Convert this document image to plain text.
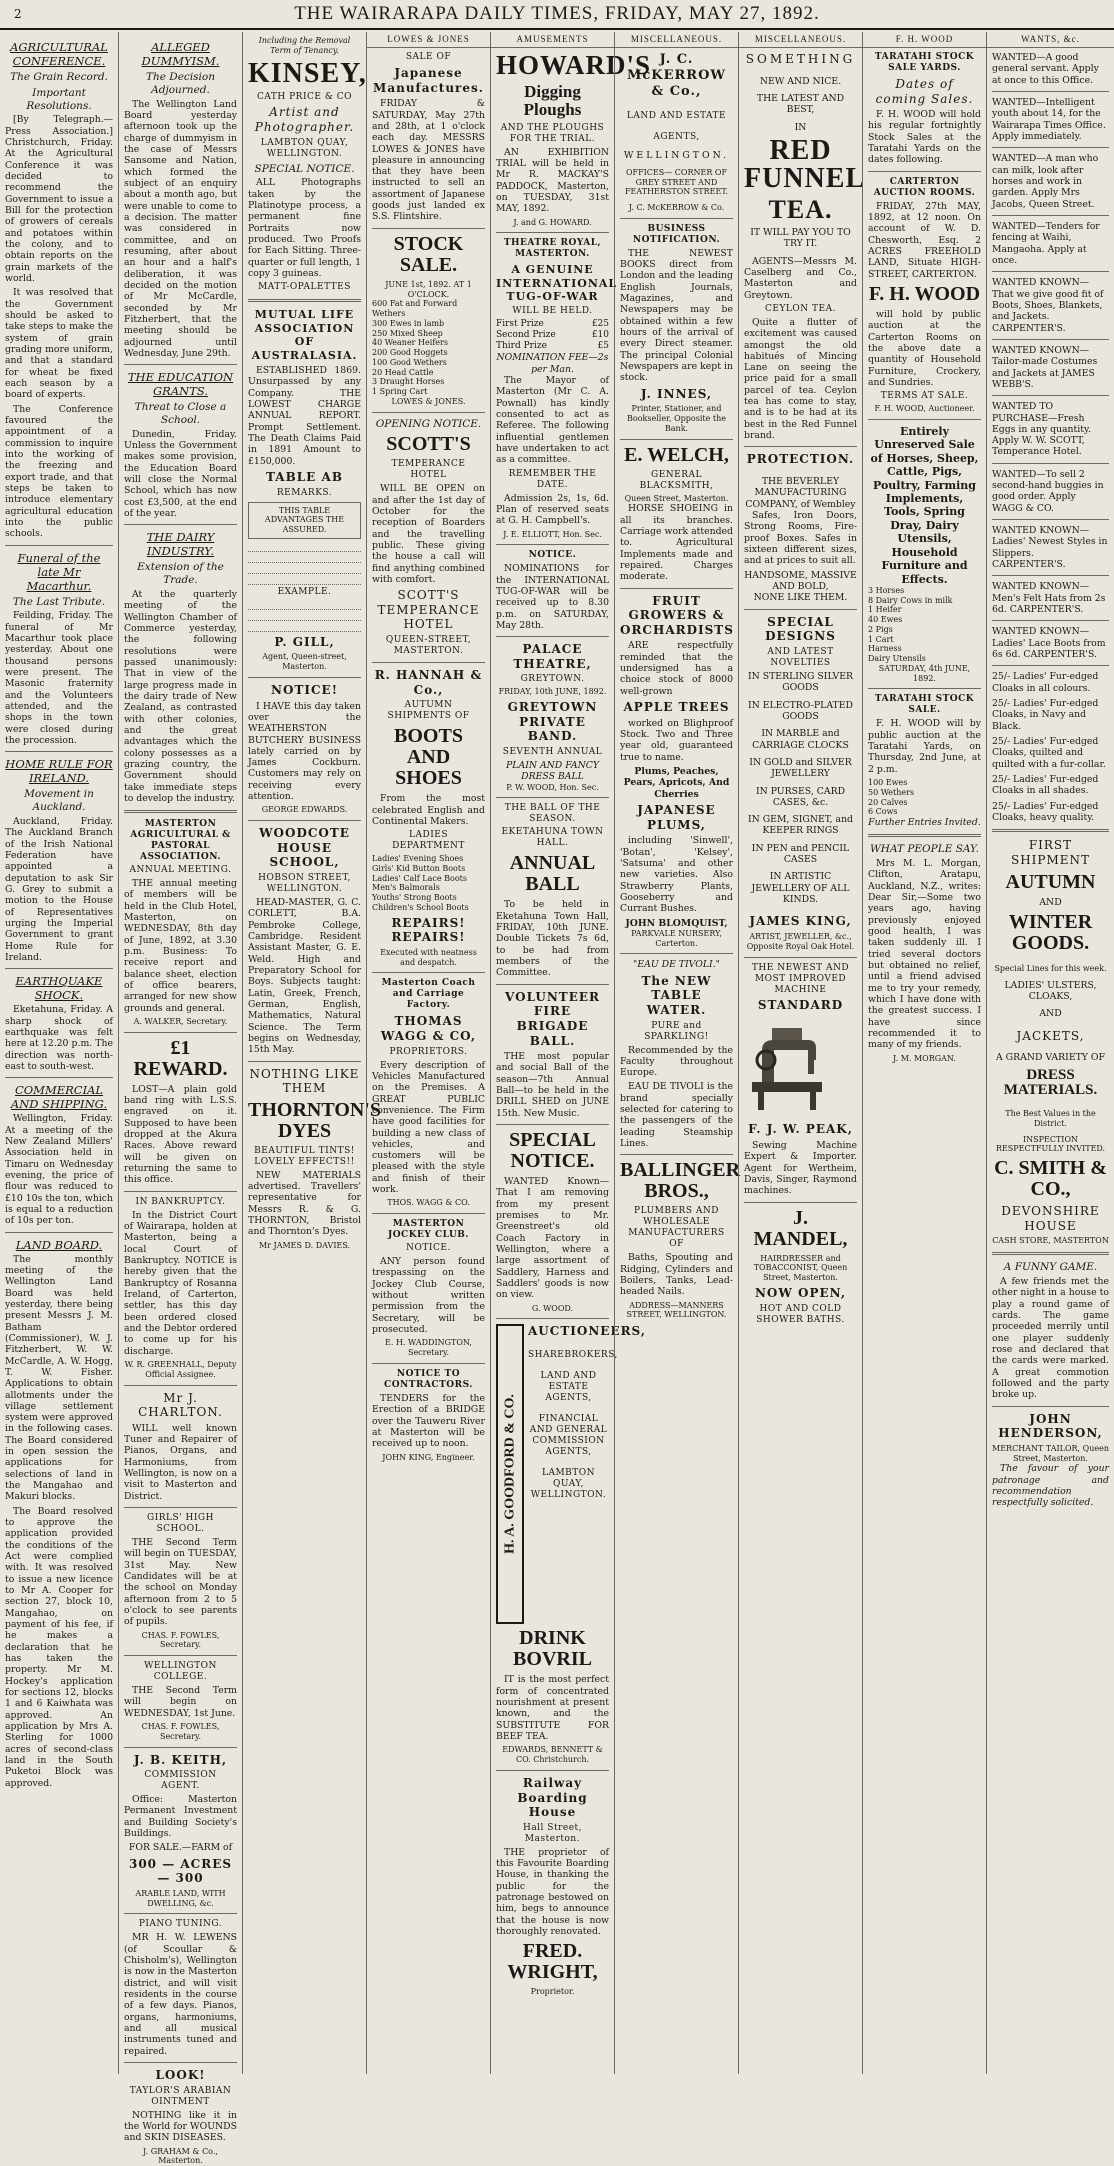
2	THE WAIRARAPA DAILY TIMES, FRIDAY, MAY 27, 1892.
AGRICULTURAL CONFERENCE.
The Grain Record.
Important Resolutions.

[By Telegraph.—Press Association.] Christchurch, Friday. At the Agricultural Conference it was decided to recommend the Government to issue a Bill for the protection of growers of cereals and potatoes within the colony, and to obtain reports on the grain markets of the world.

It was resolved that the Government should be asked to take steps to make the system of grain grading more uniform, and that a standard for wheat be fixed each season by a board of experts.

The Conference favoured the appointment of a commission to inquire into the working of the freezing and export trade, and that steps be taken to introduce elementary agricultural education into the public schools.

Funeral of the late Mr Macarthur.
The Last Tribute.

Feilding, Friday. The funeral of Mr Macarthur took place yesterday. About one thousand persons were present. The Masonic fraternity and the Volunteers attended, and the shops in the town were closed during the procession.

HOME RULE FOR IRELAND.
Movement in Auckland.

Auckland, Friday. The Auckland Branch of the Irish National Federation have appointed a deputation to ask Sir G. Grey to submit a motion to the House of Representatives urging the Imperial Government to grant Home Rule for Ireland.

EARTHQUAKE SHOCK.

Eketahuna, Friday. A sharp shock of earthquake was felt here at 12.20 p.m. The direction was north-east to south-west.

COMMERCIAL AND SHIPPING.

Wellington, Friday. At a meeting of the New Zealand Millers' Association held in Timaru on Wednesday evening, the price of flour was reduced to £10 10s the ton, which is equal to a reduction of 10s per ton.

LAND BOARD.

The monthly meeting of the Wellington Land Board was held yesterday, there being present Messrs J. M. Batham (Commissioner), W. J. Fitzherbert, W. W. McCardle, A. W. Hogg, T. W. Fisher. Applications to obtain allotments under the village settlement system were approved in the following cases. The Board considered in open session the applications for selections of land in the Mangahao and Makuri blocks.

The Board resolved to approve the application provided the conditions of the Act were complied with. It was resolved to issue a new licence to Mr A. Cooper for section 27, block 10, Mangahao, on payment of his fee, if he makes a declaration that he has taken the property. Mr M. Hockey's application for sections 12, blocks 1 and 6 Kaiwhata was approved. An application by Mrs A. Sterling for 1000 acres of second-class land in the South Puketoi Block was approved.

ALLEGED DUMMYISM.
The Decision Adjourned.

The Wellington Land Board yesterday afternoon took up the charge of dummyism in the case of Messrs Sansome and Nation, which formed the subject of an enquiry about a month ago, but were unable to come to a decision. The matter was considered in committee, and on resuming, after about an hour and a half's deliberation, it was decided on the motion of Mr McCardle, seconded by Mr Fitzherbert, that the meeting should be adjourned until Wednesday, June 29th.

THE EDUCATION GRANTS.
Threat to Close a School.

Dunedin, Friday. Unless the Government makes some provision, the Education Board will close the Normal School, which has now cost £3,500, at the end of the year.

THE DAIRY INDUSTRY.
Extension of the Trade.

At the quarterly meeting of the Wellington Chamber of Commerce yesterday, the following resolutions were passed unanimously: That in view of the large progress made in the dairy trade of New Zealand, as contrasted with other colonies, and the great advantages which the colony possesses as a grazing country, the Government should take immediate steps to develop the industry.

MASTERTON AGRICULTURAL & PASTORAL ASSOCIATION.
ANNUAL MEETING.

THE annual meeting of members will be held in the Club Hotel, Masterton, on WEDNESDAY, 8th day of June, 1892, at 3.30 p.m. Business: To receive report and balance sheet, election of office bearers, arranged for new show grounds and general.

A. WALKER, Secretary.
£1 REWARD.

LOST—A plain gold band ring with L.S.S. engraved on it. Supposed to have been dropped at the Akura Races. Above reward will be given on returning the same to this office.

IN BANKRUPTCY.

In the District Court of Wairarapa, holden at Masterton, being a local Court of Bankruptcy. NOTICE is hereby given that the Bankruptcy of Rosanna Ireland, of Carterton, settler, has this day been ordered closed and the Debtor ordered to come up for his discharge.

W. R. GREENHALL, Deputy Official Assignee.
Mr J. CHARLTON.

WILL well known Tuner and Repairer of Pianos, Organs, and Harmoniums, from Wellington, is now on a visit to Masterton and District.

GIRLS' HIGH SCHOOL.

THE Second Term will begin on TUESDAY, 31st May. New Candidates will be at the school on Monday afternoon from 2 to 5 o'clock to see parents of pupils.

CHAS. F. FOWLES, Secretary.
WELLINGTON COLLEGE.

THE Second Term will begin on WEDNESDAY, 1st June.

CHAS. F. FOWLES, Secretary.
J. B. KEITH,
COMMISSION AGENT.

Office: Masterton Permanent Investment and Building Society's Buildings.

FOR SALE.—FARM of
300 — ACRES — 300
ARABLE LAND, WITH DWELLING, &c.
PIANO TUNING.

MR H. W. LEWENS (of Scoullar & Chisholm's), Wellington is now in the Masterton district, and will visit residents in the course of a few days. Pianos, organs, harmoniums, and all musical instruments tuned and repaired.

LOOK!
TAYLOR'S ARABIAN OINTMENT

NOTHING like it in the World for WOUNDS and SKIN DISEASES.

J. GRAHAM & Co., Masterton.
Including the Removal Term of Tenancy.
KINSEY,
CATH PRICE & CO
Artist and Photographer.
LAMBTON QUAY, WELLINGTON.
SPECIAL NOTICE.

ALL Photographs taken by the Platinotype process, a permanent fine Portraits now produced. Two Proofs for Each Sitting. Three-quarter or full length, 1 copy 3 guineas.

MATT-OPALETTES
MUTUAL LIFE ASSOCIATION OF AUSTRALASIA.

ESTABLISHED 1869. Unsurpassed by any Company. THE LOWEST CHARGE ANNUAL REPORT. Prompt Settlement. The Death Claims Paid in 1891 Amount to £150,000.

TABLE AB
REMARKS.
THIS TABLE ADVANTAGES THE ASSURED.
EXAMPLE.
P. GILL,
Agent, Queen-street, Masterton.
NOTICE!

I HAVE this day taken over the WEATHERSTON BUTCHERY BUSINESS lately carried on by James Cockburn. Customers may rely on receiving every attention.

GEORGE EDWARDS.
WOODCOTE HOUSE SCHOOL,
HOBSON STREET, WELLINGTON.

HEAD-MASTER, G. C. CORLETT, B.A. Pembroke College, Cambridge. Resident Assistant Master, G. E. Weld. High and Preparatory School for Boys. Subjects taught: Latin, Greek, French, German, English, Mathematics, Natural Science. The Term begins on Wednesday, 15th May.

NOTHING LIKE THEM
THORNTON'S DYES
BEAUTIFUL TINTS! LOVELY EFFECTS!!

NEW MATERIALS advertised. Travellers' representative for Messrs R. & G. THORNTON, Bristol and Thornton's Dyes.

Mr JAMES D. DAVIES.
LOWES & JONES
SALE OF
Japanese Manufactures.

FRIDAY & SATURDAY, May 27th and 28th, at 1 o'clock each day. MESSRS LOWES & JONES have pleasure in announcing that they have been instructed to sell an assortment of Japanese goods just landed ex S.S. Flintshire.

STOCK SALE.
JUNE 1st, 1892. AT 1 O'CLOCK.
600 Fat and Forward Wethers
300 Ewes in lamb
250 Mixed Sheep
40 Weaner Heifers
200 Good Hoggets
100 Good Wethers
20 Head Cattle
3 Draught Horses
1 Spring Cart
LOWES & JONES.
OPENING NOTICE.
SCOTT'S
TEMPERANCE HOTEL

WILL BE OPEN on and after the 1st day of October for the reception of Boarders and the travelling public. These giving the house a call will find anything combined with comfort.

SCOTT'S TEMPERANCE HOTEL
QUEEN-STREET, MASTERTON.
R. HANNAH & Co.,
AUTUMN SHIPMENTS OF
BOOTS AND SHOES

From the most celebrated English and Continental Makers.

LADIES DEPARTMENT
Ladies' Evening Shoes
Girls' Kid Button Boots
Ladies' Calf Lace Boots
Men's Balmorals
Youths' Strong Boots
Children's School Boots
REPAIRS! REPAIRS!
Executed with neatness and despatch.
Masterton Coach and Carriage Factory.
THOMAS WAGG & CO,
PROPRIETORS.

Every description of Vehicles Manufactured on the Premises. A GREAT PUBLIC convenience. The Firm have good facilities for building a new class of vehicles, and customers will be pleased with the style and finish of their work.

THOS. WAGG & CO.
MASTERTON JOCKEY CLUB.
NOTICE.

ANY person found trespassing on the Jockey Club Course, without written permission from the Secretary, will be prosecuted.

E. H. WADDINGTON, Secretary.
NOTICE TO CONTRACTORS.

TENDERS for the Erection of a BRIDGE over the Tauweru River at Masterton will be received up to noon.

JOHN KING, Engineer.
AMUSEMENTS
HOWARD'S
Digging Ploughs
AND THE PLOUGHS FOR THE TRIAL.

AN EXHIBITION TRIAL will be held in Mr R. MACKAY'S PADDOCK, Masterton, on TUESDAY, 31st MAY, 1892.

J. and G. HOWARD.
THEATRE ROYAL, MASTERTON.
A GENUINE INTERNATIONAL TUG-OF-WAR
WILL BE HELD.
First Prize	£25
Second Prize	£10
Third Prize	£5
NOMINATION FEE—2s per Man.

The Mayor of Masterton (Mr C. A. Pownall) has kindly consented to act as Referee. The following influential gentlemen have undertaken to act as a committee.

REMEMBER THE DATE.

Admission 2s, 1s, 6d. Plan of reserved seats at G. H. Campbell's.

J. E. ELLIOTT, Hon. Sec.
NOTICE.

NOMINATIONS for the INTERNATIONAL TUG-OF-WAR will be received up to 8.30 p.m. on SATURDAY, May 28th.

PALACE THEATRE,
GREYTOWN.
FRIDAY, 10th JUNE, 1892.
GREYTOWN PRIVATE BAND.
SEVENTH ANNUAL
PLAIN AND FANCY DRESS BALL
P. W. WOOD, Hon. Sec.
THE BALL OF THE SEASON.
EKETAHUNA TOWN HALL.
ANNUAL BALL

To be held in Eketahuna Town Hall, FRIDAY, 10th JUNE. Double Tickets 7s 6d, to be had from members of the Committee.

VOLUNTEER FIRE BRIGADE BALL.

THE most popular and social Ball of the season—7th Annual Ball—to be held in the DRILL SHED on JUNE 15th. New Music.

SPECIAL NOTICE.

WANTED Known—That I am removing from my present premises to Mr. Greenstreet's old Coach Factory in Wellington, where a large assortment of Saddlery, Harness and Saddlers' goods is now on view.

G. WOOD.
H. A. GOODFORD & CO.
AUCTIONEERS,
SHAREBROKERS,
LAND AND ESTATE AGENTS,
FINANCIAL AND GENERAL COMMISSION AGENTS,
LAMBTON QUAY, WELLINGTON.
DRINK BOVRIL

IT is the most perfect form of concentrated nourishment at present known, and the SUBSTITUTE FOR BEEF TEA.

EDWARDS, BENNETT & CO. Christchurch.
Railway Boarding House
Hall Street, Masterton.

THE proprietor of this Favourite Boarding House, in thanking the public for the patronage bestowed on him, begs to announce that the house is now thoroughly renovated.

FRED. WRIGHT,
Proprietor.
MISCELLANEOUS.
J. C. McKERROW & Co.,
LAND AND ESTATE
AGENTS,
WELLINGTON.
OFFICES— CORNER OF GREY STREET AND FEATHERSTON STREET.
J. C. McKERROW & Co.
BUSINESS NOTIFICATION.

THE NEWEST BOOKS direct from London and the leading English Journals, Magazines, and Newspapers may be obtained within a few hours of the arrival of every Direct steamer. The principal Colonial Newspapers are kept in stock.

J. INNES,
Printer, Stationer, and Bookseller, Opposite the Bank.
E. WELCH,
GENERAL BLACKSMITH,
Queen Street, Masterton.

HORSE SHOEING in all its branches. Carriage work attended to. Agricultural Implements made and repaired. Charges moderate.

FRUIT GROWERS & ORCHARDISTS

ARE respectfully reminded that the undersigned has a choice stock of 8000 well-grown

APPLE TREES

worked on Blighproof Stock. Two and Three year old, guaranteed true to name.

Plums, Peaches, Pears, Apricots, And Cherries
JAPANESE PLUMS,

including 'Sinwell', 'Botan', 'Kelsey', 'Satsuma' and other new varieties. Also Strawberry Plants, Gooseberry and Currant Bushes.

JOHN BLOMQUIST,
PARKVALE NURSERY, Carterton.
"EAU DE TIVOLI."
The NEW TABLE WATER.
PURE and SPARKLING!

Recommended by the Faculty throughout Europe.

EAU DE TIVOLI is the brand specially selected for catering to the passengers of the leading Steamship Lines.

BALLINGER BROS.,
PLUMBERS AND WHOLESALE MANUFACTURERS OF

Baths, Spouting and Ridging, Cylinders and Boilers, Tanks, Lead-headed Nails.

ADDRESS—MANNERS STREET, WELLINGTON.
MISCELLANEOUS.
SOMETHING
NEW AND NICE.
THE LATEST AND BEST,
IN
RED FUNNEL
TEA.
IT WILL PAY YOU TO TRY IT.

AGENTS—Messrs M. Caselberg and Co., Masterton and Greytown.

CEYLON TEA.

Quite a flutter of excitement was caused amongst the old habitués of Mincing Lane on seeing the price paid for a small parcel of tea. Ceylon tea has come to stay, and is to be had at its best in the Red Funnel brand.

PROTECTION.
THE BEVERLEY MANUFACTURING COMPANY, of Wembley

Safes, Iron Doors, Strong Rooms, Fire-proof Boxes. Safes in sixteen different sizes, and at prices to suit all.

HANDSOME, MASSIVE AND BOLD,
NONE LIKE THEM.
SPECIAL DESIGNS
AND LATEST NOVELTIES
IN STERLING SILVER GOODS
IN ELECTRO-PLATED GOODS
IN MARBLE and CARRIAGE CLOCKS
IN GOLD and SILVER JEWELLERY
IN PURSES, CARD CASES, &c.
IN GEM, SIGNET, and KEEPER RINGS
IN PEN and PENCIL CASES
IN ARTISTIC JEWELLERY OF ALL KINDS.
JAMES KING,
ARTIST, JEWELLER, &c., Opposite Royal Oak Hotel.
THE NEWEST AND MOST IMPROVED MACHINE
STANDARD
F. J. W. PEAK,

Sewing Machine Expert & Importer. Agent for Wertheim, Davis, Singer, Raymond machines.

J. MANDEL,
HAIRDRESSER and TOBACCONIST, Queen Street, Masterton.
NOW OPEN,
HOT AND COLD SHOWER BATHS.
F. H. WOOD
TARATAHI STOCK SALE YARDS.
Dates of coming Sales.

F. H. WOOD will hold his regular fortnightly Stock Sales at the Taratahi Yards on the dates following.

CARTERTON AUCTION ROOMS.

FRIDAY, 27th MAY, 1892, at 12 noon. On account of W. D. Chesworth, Esq. 2 ACRES FREEHOLD LAND, Situate HIGH-STREET, CARTERTON.

F. H. WOOD

will hold by public auction at the Carterton Rooms on the above date a quantity of Household Furniture, Crockery, and Sundries.

TERMS AT SALE.
F. H. WOOD, Auctioneer.
Entirely Unreserved Sale of Horses, Sheep, Cattle, Pigs, Poultry, Farming Implements, Tools, Spring Dray, Dairy Utensils, Household Furniture and Effects.
3 Horses
8 Dairy Cows in milk
1 Heifer
40 Ewes
2 Pigs
1 Cart
Harness
Dairy Utensils
SATURDAY, 4th JUNE, 1892.
TARATAHI STOCK SALE.

F. H. WOOD will by public auction at the Taratahi Yards, on Thursday, 2nd June, at 2 p.m.

100 Ewes
50 Wethers
20 Calves
6 Cows
Further Entries Invited.
WHAT PEOPLE SAY.

Mrs M. L. Morgan, Clifton, Aratapu, Auckland, N.Z., writes: Dear Sir,—Some two years ago, having previously enjoyed good health, I was taken suddenly ill. I tried several doctors but obtained no relief, until a friend advised me to try your remedy, which I have done with the greatest success. I have since recommended it to many of my friends.

J. M. MORGAN.
WANTS, &c.
WANTED—A good general servant. Apply at once to this Office.
WANTED—Intelligent youth about 14, for the Wairarapa Times Office. Apply immediately.
WANTED—A man who can milk, look after horses and work in garden. Apply Mrs Jacobs, Queen Street.
WANTED—Tenders for fencing at Waihi, Mangaoha. Apply at once.
WANTED KNOWN—That we give good fit of Boots, Shoes, Blankets, and Jackets. CARPENTER'S.
WANTED KNOWN—Tailor-made Costumes and Jackets at JAMES WEBB'S.
WANTED TO PURCHASE—Fresh Eggs in any quantity. Apply W. W. SCOTT, Temperance Hotel.
WANTED—To sell 2 second-hand buggies in good order. Apply WAGG & CO.
WANTED KNOWN—Ladies' Newest Styles in Slippers. CARPENTER'S.
WANTED KNOWN—Men's Felt Hats from 2s 6d. CARPENTER'S.
WANTED KNOWN—Ladies' Lace Boots from 6s 6d. CARPENTER'S.
25/- Ladies' Fur-edged Cloaks in all colours.
25/- Ladies' Fur-edged Cloaks, in Navy and Black.
25/- Ladies' Fur-edged Cloaks, quilted and quilted with a fur-collar.
25/- Ladies' Fur-edged Cloaks in all shades.
25/- Ladies' Fur-edged Cloaks, heavy quality.
FIRST SHIPMENT
AUTUMN
AND
WINTER GOODS.
Special Lines for this week.
LADIES' ULSTERS, CLOAKS,
AND
JACKETS,
A GRAND VARIETY OF
DRESS MATERIALS.
The Best Values in the District.
INSPECTION RESPECTFULLY INVITED.
C. SMITH & CO.,
DEVONSHIRE HOUSE
CASH STORE, MASTERTON
A FUNNY GAME.

A few friends met the other night in a house to play a round game of cards. The game proceeded merrily until one player suddenly rose and declared that the cards were marked. A great commotion followed and the party broke up.

JOHN HENDERSON,
MERCHANT TAILOR, Queen Street, Masterton.

The favour of your patronage and recommendation respectfully solicited.
